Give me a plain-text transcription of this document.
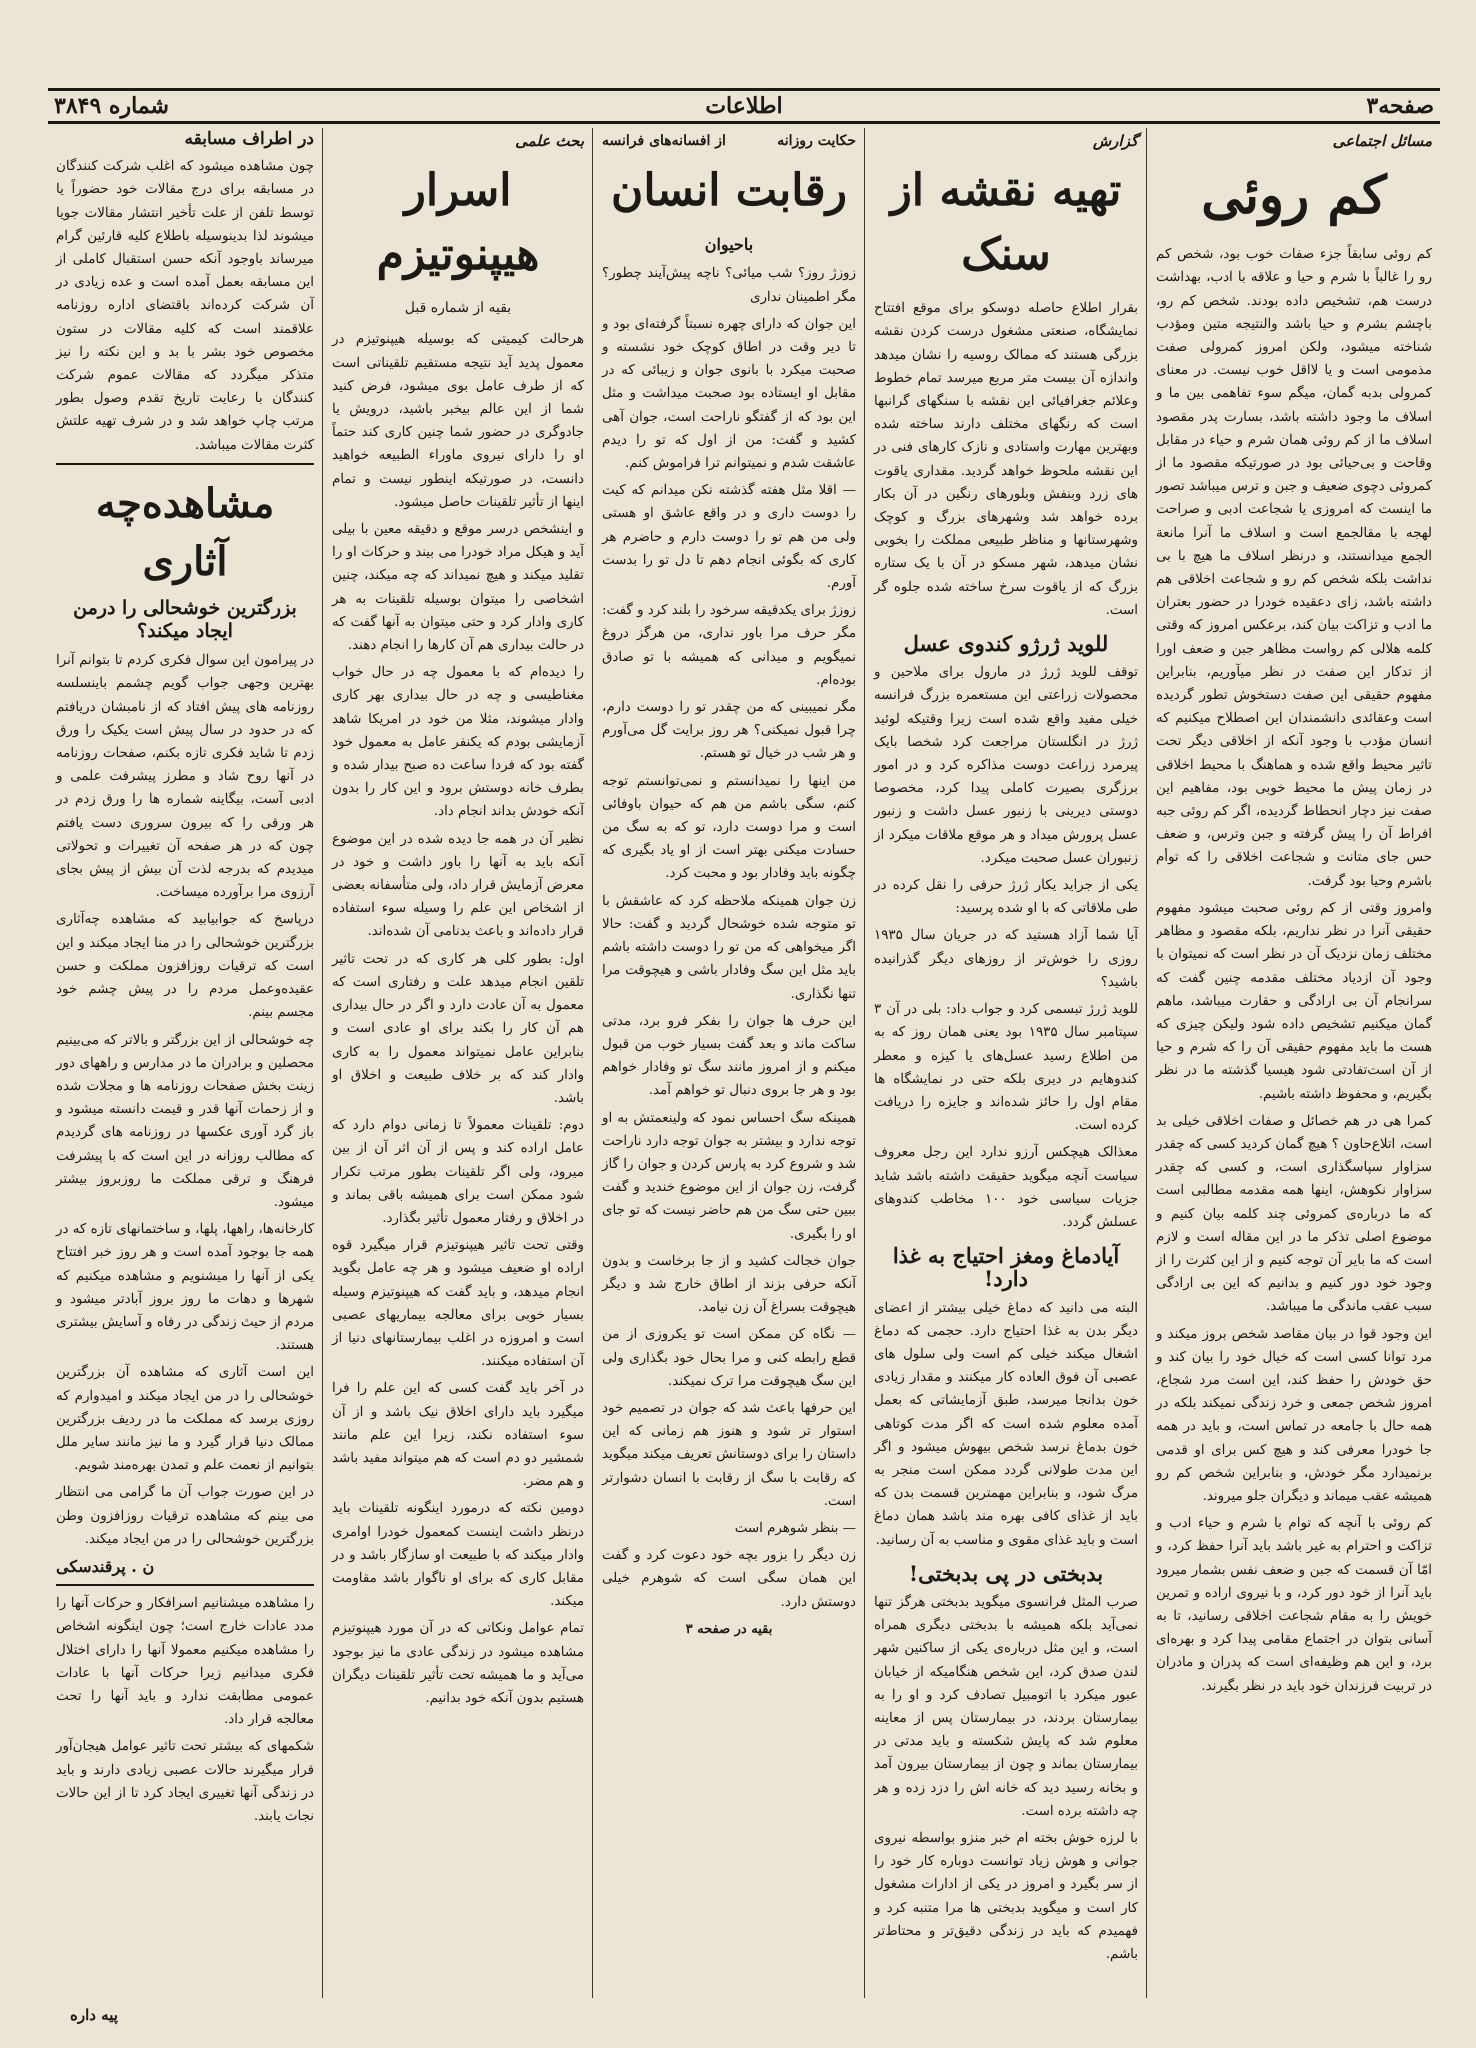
صفحه۳
اطلاعات
شماره ۳۸۴۹
مسائل اجتماعی
کم روئی

کم روئی سابقاً جزء صفات خوب بود، شخص کم رو را غالباً با شرم و حیا و علاقه با ادب، بهداشت درست‌ هم، تشخیص داده بودند. شخص کم رو، باچشم بشرم و حیا باشد والنتیجه متین ومؤدب شناخته میشود، ولکن امروز کمرولی صفت مذمومی است و یا لااقل خوب نیست. در معنای کمرولی بدبه گمان، میگم سوء تفاهمی بین ما و اسلاف ما وجود داشته باشد، بسارت پدر مقصود اسلاف ما از کم روئی همان شرم و حیاء در مقابل وقاحت و بی‌حیائی بود در صورتیکه مقصود ما از کمروئی دچوی ضعیف و جبن و ترس میباشد تصور ما اینست که امروزی یا شجاعت ادبی و صراحت لهجه با مقالجمع است و اسلاف ما آنرا مانعة الجمع میدانستند، و درنظر اسلاف ما هیچ با بی نداشت بلکه شخص کم رو و شجاعت اخلاقی هم داشته باشد، زای دعقیده خودرا در حضور بعتران ما ادب و تزاکت بیان کند، برعکس امروز که وقتی کلمه هلالی کم رواست مظاهر جبن و ضعف اورا از تدکار این صفت در نظر میآوریم، بنابراین مفهوم حقیقی این صفت دستخوش تطور گردیده است وعقائدی دانشمندان این اصطلاح میکنیم که انسان مؤدب با وجود آنکه از اخلاقی دیگر تحت تاثیر محیط واقع شده و هماهنگ با محیط اخلاقی در زمان پیش ما محیط خوبی بود، مفاهیم این صفت نیز دچار انحطاط گردیده، اگر کم روئی جبه افراط آن را پیش گرفته و جبن وترس، و ضعف حس جای متانت و شجاعت اخلاقی را که توأم باشرم وحیا بود گرفت.

وامروز وقتی از کم روئی صحبت میشود مفهوم حقیقی آنرا در نظر نداریم، بلکه مقصود و مظاهر مختلف زمان نزدیک آن در نظر است که نمیتوان با وجود آن ازدیاد مختلف مقدمه چنین گفت که سرانجام آن بی ارادگی و حقارت میباشد، ماهم گمان میکنیم تشخیص داده شود ولیکن چیزی که هست ما باید مفهوم حقیقی آن را که شرم و حیا از آن است‌تفادتی شود هیسیا گذشته ما در نظر بگیریم، و محفوظ داشته باشیم.

کمرا هی در هم خصائل و صفات اخلاقی خیلی بد است، اتلاع‌حاون ؟ هیچ گمان کردید کسی که چقدر سزاوار سپاسگذاری است، و کسی که چقدر سزاوار نکوهش، اینها همه مقدمه مطالبی است که ما درباره‌ی کمروئی چند کلمه بیان کنیم و موضوع اصلی تذکر ما در این مقاله است و لازم است که ما بایر آن توجه کنیم و از این کثرت را از وجود خود دور کنیم و بدانیم که این بی ارادگی سبب عقب ماندگی ما میباشد.

این وجود قوا در بیان مقاصد شخص بروز میکند و مرد توانا کسی است که خیال خود را بیان کند و حق خودش را حفظ کند، این است مرد شجاع، امروز شخص جمعی و خرد زندگی نمیکند بلکه در همه حال با جامعه در تماس است، و باید در همه جا خودرا معرفی کند و هیچ کس برای او قدمی برنمیدارد مگر خودش، و بنابراین شخص کم رو همیشه عقب میماند و دیگران جلو میروند.

کم روئی با آنچه که توام با شرم و حیاء ادب و تزاکت و احترام به غیر باشد باید آنرا حفظ کرد، و امّا آن قسمت که جبن و ضعف نفس بشمار میرود باید آنرا از خود دور کرد، و با نیروی اراده و تمرین خویش را به مقام شجاعت اخلاقی رسانید، تا به آسانی بتوان در اجتماع مقامی پیدا کرد و بهره‌ای برد، و این هم وظیفه‌ای است که پدران و مادران در تربیت فرزندان خود باید در نظر بگیرند.

گزارش
تهیه نقشه از سنک

بقرار اطلاع حاصله دوسکو برای موقع افتتاح نمایشگاه، صنعتی مشغول درست کردن نقشه بزرگی هستند که ممالک روسیه را نشان میدهد واندازه آن بیست متر مربع میرسد تمام خطوط وعلائم جغرافیائی این نقشه با سنگهای گرانبها است که رنگهای مختلف دارند ساخته شده وبهترین مهارت واستادی و نازک کارهای فنی در این نقشه ملحوظ خواهد گردید. مقداری یاقوت های زرد وبنفش وبلورهای رنگین در آن بکار برده خواهد شد وشهرهای بزرگ و کوچک وشهرستانها و مناظر طبیعی مملکت را بخوبی نشان میدهد، شهر مسکو در آن با یک ستاره بزرگ که از یاقوت سرخ ساخته شده جلوه گر است.

للوید ژرژو کندوی عسل

توقف للوید ژرژ در مارول برای ملاحین و محصولات زراعتی این مستعمره بزرگ فرانسه خیلی مفید واقع شده است زیرا وقتیکه لوئید ژرژ در انگلستان مراجعت کرد شخصا بایک پیرمرد زراعت دوست مذاکره کرد و در امور برزگری بصیرت کاملی پیدا کرد، مخصوصا دوستی دیرینی با زنبور عسل داشت و زنبور عسل پرورش میداد و هر موقع ملاقات میکرد از زنبوران عسل صحبت میکرد.

یکی از جراید یکار ژرژ حرفی را نقل کرده در طی ملاقاتی که با او شده پرسید:

آیا شما آزاد هستید که در جریان سال ۱۹۳۵ روزی را خوش‌تر از روزهای دیگر گذرانیده باشید؟

للوید ژرژ تبسمی کرد و جواب داد: بلی در آن ۳ سپتامبر سال ۱۹۳۵ بود یعنی همان روز که به من اطلاع رسید عسل‌های یا کیزه و معطر کندوهایم در دیری بلکه حتی در نمایشگاه ها مقام اول را حائز شده‌اند و جایزه را دریافت کرده است.

معذالک هیچکس آرزو ندارد این رجل معروف سیاست آنچه میگوید حقیقت داشته باشد شاید جزیات سیاسی خود ۱۰۰ مخاطب کندوهای عسلش گردد.

آیادماغ ومغز احتیاج به غذا دارد!

البته می دانید که دماغ خیلی بیشتر از اعضای دیگر بدن به غذا احتیاج دارد. حجمی که دماغ اشغال میکند خیلی کم است ولی سلول های عصبی آن فوق العاده کار میکنند و مقدار زیادی خون بدانجا میرسد، طبق آزمایشاتی که بعمل آمده معلوم شده است که اگر مدت کوتاهی خون بدماغ نرسد شخص بیهوش میشود و اگر این مدت طولانی گردد ممکن است منجر به مرگ شود، و بنابراین مهمترین قسمت بدن که باید از غذای کافی بهره مند باشد همان دماغ است و باید غذای مقوی و مناسب به آن رسانید.

بدبختی در پی بدبختی!

صرب المثل فرانسوی میگوید بدبختی هرگز تنها نمی‌آید بلکه همیشه با بدبختی دیگری همراه است، و این مثل درباره‌ی یکی از ساکنین شهر لندن صدق کرد، این شخص هنگامیکه از خیابان عبور میکرد با اتومبیل تصادف کرد و او را به بیمارستان بردند، در بیمارستان پس از معاینه معلوم شد که پایش شکسته و باید مدتی در بیمارستان بماند و چون از بیمارستان بیرون آمد و بخانه رسید دید که خانه اش را دزد زده و هر چه داشته برده است.

با لرزه خوش بخته ام خبر منزو بواسطه نیروی جوانی و هوش زیاد توانست دوباره کار خود را از سر بگیرد و امروز در یکی از ادارات مشغول کار است و میگوید بدبختی ها مرا متنبه کرد و فهمیدم که باید در زندگی دقیق‌تر و محتاط‌تر باشم.

حکایت روزانه
از افسانه‌های فرانسه
رقابت انسان
باحیوان

زوزژ روز؟ شب میائی؟ ناچه پیش‌آیند چطور؟ مگر اطمینان نداری

این جوان که دارای چهره نسبتاً گرفته‌ای بود و تا دیر وقت در اطاق کوچک خود نشسته و صحبت میکرد با بانوی جوان و زیبائی که در مقابل او ایستاده بود صحبت میداشت و مثل این بود که از گفتگو ناراحت است، جوان آهی کشید و گفت: من از اول که تو را دیدم عاشقت شدم و نمیتوانم ترا فراموش کنم.

— اقلا مثل هفته گذشته نکن میدانم که کیت را دوست داری و در واقع عاشق او هستی ولی من هم تو را دوست دارم و حاضرم هر کاری که بگوئی انجام دهم تا دل تو را بدست آورم.

زوزژ برای یکدقیقه سرخود را بلند کرد و گفت: مگر حرف مرا باور نداری، من هرگز دروغ نمیگویم و میدانی که همیشه با تو صادق بوده‌ام.

مگر نمیبینی که من چقدر تو را دوست دارم، چرا قبول نمیکنی؟ هر روز برایت گل می‌آورم و هر شب در خیال تو هستم.

من اینها را نمیدانستم و نمی‌توانستم توجه کنم، سگی باشم من هم که حیوان باوفائی است و مرا دوست دارد، تو که به سگ من حسادت میکنی بهتر است از او یاد بگیری که چگونه باید وفادار بود و محبت کرد.

زن جوان همینکه ملاحظه کرد که عاشقش با تو متوجه شده خوشحال گردید و گفت: حالا اگر میخواهی که من تو را دوست داشته باشم باید مثل این سگ وفادار باشی و هیچوقت مرا تنها نگذاری.

این حرف ها جوان را بفکر فرو برد، مدتی ساکت ماند و بعد گفت بسیار خوب من قبول میکنم و از امروز مانند سگ تو وفادار خواهم بود و هر جا بروی دنبال تو خواهم آمد.

همینکه سگ احساس نمود که ولینعمتش به او توجه ندارد و بیشتر به جوان توجه دارد ناراحت شد و شروع کرد به پارس کردن و جوان را گاز گرفت، زن جوان از این موضوع خندید و گفت ببین حتی سگ من هم حاضر نیست که تو جای او را بگیری.

جوان خجالت کشید و از جا برخاست و بدون آنکه حرفی بزند از اطاق خارج شد و دیگر هیچوقت بسراغ آن زن نیامد.

— نگاه کن ممکن است تو یکروزی از من قطع رابطه کنی و مرا بحال خود بگذاری ولی این سگ هیچوقت مرا ترک نمیکند.

این حرفها باعث شد که جوان در تصمیم خود استوار تر شود و هنوز هم زمانی که این داستان را برای دوستانش تعریف میکند میگوید که رقابت با سگ از رقابت با انسان دشوارتر است.

— بنظر شوهرم است

زن دیگر را بزور بچه خود دعوت کرد و گفت این همان سگی است که شوهرم خیلی دوستش دارد.

بقیه در صفحه ۳
بحث علمی
اسرار هیپنوتیزم
بقیه از شماره قبل

هرحالت کیمیتی که بوسیله هیپنوتیزم در معمول پدید آید نتیجه مستقیم تلقیناتی است که از طرف عامل بوی میشود، فرض کنید شما از این عالم بیخبر باشید، درویش یا جادوگری در حضور شما چنین کاری کند حتماً او را دارای نیروی ماوراء الطبیعه خواهید دانست، در صورتیکه اینطور نیست و تمام اینها از تأثیر تلقینات حاصل میشود.

و اینشخص درسر موقع و دقیقه معین با بیلی آید و هیکل مراد خودرا می بیند و حرکات او را تقلید میکند و هیچ نمیداند که چه میکند، چنین اشخاصی را میتوان بوسیله تلقینات به هر کاری وادار کرد و حتی میتوان به آنها گفت که در حالت بیداری هم آن کارها را انجام دهند.

را دیده‌ام که با معمول چه در حال خواب مغناطیسی و چه در حال بیداری بهر کاری وادار میشوند، مثلا من خود در امریکا شاهد آزمایشی بودم که یکنفر عامل به معمول خود گفته بود که فردا ساعت ده صبح بیدار شده و بطرف خانه دوستش برود و این کار را بدون آنکه خودش بداند انجام داد.

نظیر آن در همه جا دیده شده در این موضوع آنکه باید به آنها را باور داشت و خود در معرض آزمایش قرار داد، ولی متأسفانه بعضی از اشخاص این علم را وسیله سوء استفاده قرار داده‌اند و باعث بدنامی آن شده‌اند.

اول: بطور کلی هر کاری که در تحت تاثیر تلقین انجام میدهد علت و رفتاری است که معمول به آن عادت دارد و اگر در حال بیداری هم آن کار را بکند برای او عادی است و بنابراین عامل نمیتواند معمول را به کاری وادار کند که بر خلاف طبیعت و اخلاق او باشد.

دوم: تلقینات معمولاً تا زمانی دوام دارد که عامل اراده کند و پس از آن اثر آن از بین میرود، ولی اگر تلقینات بطور مرتب تکرار شود ممکن است برای همیشه باقی بماند و در اخلاق و رفتار معمول تأثیر بگذارد.

وقتی تحت تاثیر هیپنوتیزم قرار میگیرد قوه اراده او ضعیف میشود و هر چه عامل بگوید انجام میدهد، و باید گفت که هیپنوتیزم وسیله بسیار خوبی برای معالجه بیماریهای عصبی است و امروزه در اغلب بیمارستانهای دنیا از آن استفاده میکنند.

در آخر باید گفت کسی که این علم را فرا میگیرد باید دارای اخلاق نیک باشد و از آن سوء استفاده نکند، زیرا این علم مانند شمشیر دو دم است که هم میتواند مفید باشد و هم مضر.

دومین نکته که درمورد اینگونه تلقینات باید درنظر داشت اینست کمعمول خودرا اوامری وادار میکند که با طبیعت او سازگار باشد و در مقابل کاری که برای او ناگوار باشد مقاومت میکند.

تمام عوامل ونکاتی که در آن مورد هیپنوتیزم مشاهده میشود در زندگی عادی ما نیز بوجود می‌آید و ما همیشه تحت تأثیر تلقینات دیگران هستیم بدون آنکه خود بدانیم.

در اطراف مسابقه

چون مشاهده میشود که اغلب شرکت کنندگان در مسابقه برای درج مقالات خود حضوراً یا توسط تلفن از علت تأخیر انتشار مقالات جویا میشوند لذا بدینوسیله باطلاع کلیه قارئین گرام میرساند باوجود آنکه حسن استقبال کاملی از این مسابقه بعمل آمده است و عده زیادی در آن شرکت کرده‌اند باقتضای اداره روزنامه علاقمند است که کلیه مقالات در ستون مخصوص خود بشر با بد و این نکته را نیز متذکر میگردد که مقالات عموم شرکت کنندگان با رعایت تاریخ تقدم وصول بطور مرتب چاپ خواهد شد و در شرف تهیه علتش کثرت مقالات میباشد.

مشاهده‌چه آثاری
بزرگترین خوشحالی را درمن ایجاد میکند؟

در پیرامون این سوال فکری کردم تا بتوانم آنرا بهترین وجهی جواب گویم چشمم باینسلسه روزنامه های پیش افتاد که از نامبشان دریافتم که در حدود در سال پیش است یکیک را ورق زدم تا شاید فکری تازه بکنم، صفحات روزنامه در آنها روح شاد و مطرز پیشرفت علمی و ادبی آست، بیگاینه شماره ها را ورق زدم در هر ورقی را که بیرون سروری دست یافتم چون که در هر صفحه آن تغییرات و تحولاتی میدیدم که بدرجه لذت آن بیش از پیش بجای آرزوی مرا برآورده میساخت.

درپاسخ که جوابیابید که مشاهده چه‌آثاری بزرگترین خوشحالی را در منا ایجاد میکند و این است که ترقیات روزافزون مملکت و حسن عقیده‌وعمل مردم را در پیش چشم خود مجسم بینم.

چه خوشحالی از این بزرگتر و بالاتر که می‌بینیم محصلین و برادران ما در مدارس و راههای دور زینت بخش صفحات روزنامه ها و مجلات شده و از زحمات آنها قدر و قیمت دانسته میشود و باز گرد آوری عکسها در روزنامه های گردیدم که مطالب روزانه در این است که با پیشرفت فرهنگ و ترقی مملکت ما روزبروز بیشتر میشود.

کارخانه‌ها، راهها، پلها، و ساختمانهای تازه که در همه جا بوجود آمده است و هر روز خبر افتتاح یکی از آنها را میشنویم و مشاهده میکنیم که شهرها و دهات ما روز بروز آبادتر میشود و مردم از حیث زندگی در رفاه و آسایش بیشتری هستند.

این است آثاری که مشاهده آن بزرگترین خوشحالی را در من ایجاد میکند و امیدوارم که روزی برسد که مملکت ما در ردیف بزرگترین ممالک دنیا قرار گیرد و ما نیز مانند سایر ملل بتوانیم از نعمت علم و تمدن بهره‌مند شویم.

در این صورت جواب آن ما گرامی می انتظار می‌ بینم که مشاهده ترقیات روزافزون وطن بزرگترین خوشحالی را در من ایجاد میکند.

ن . پرقندسکی

را مشاهده میشنانیم اسرافکار و حرکات آنها را مدد عادات خارج است؛ چون اینگونه اشخاص را مشاهده میکنیم معمولا آنها را دارای اختلال فکری میدانیم زیرا حرکات آنها با عادات عمومی مطابقت ندارد و باید آنها را تحت معالجه قرار داد.

شکمهای که بیشتر تحت تاثیر عوامل هیجان‌آور قرار میگیرند حالات عصبی زیادی دارند و باید در زندگی آنها تغییری ایجاد کرد تا از این حالات نجات یابند.

پیه داره
